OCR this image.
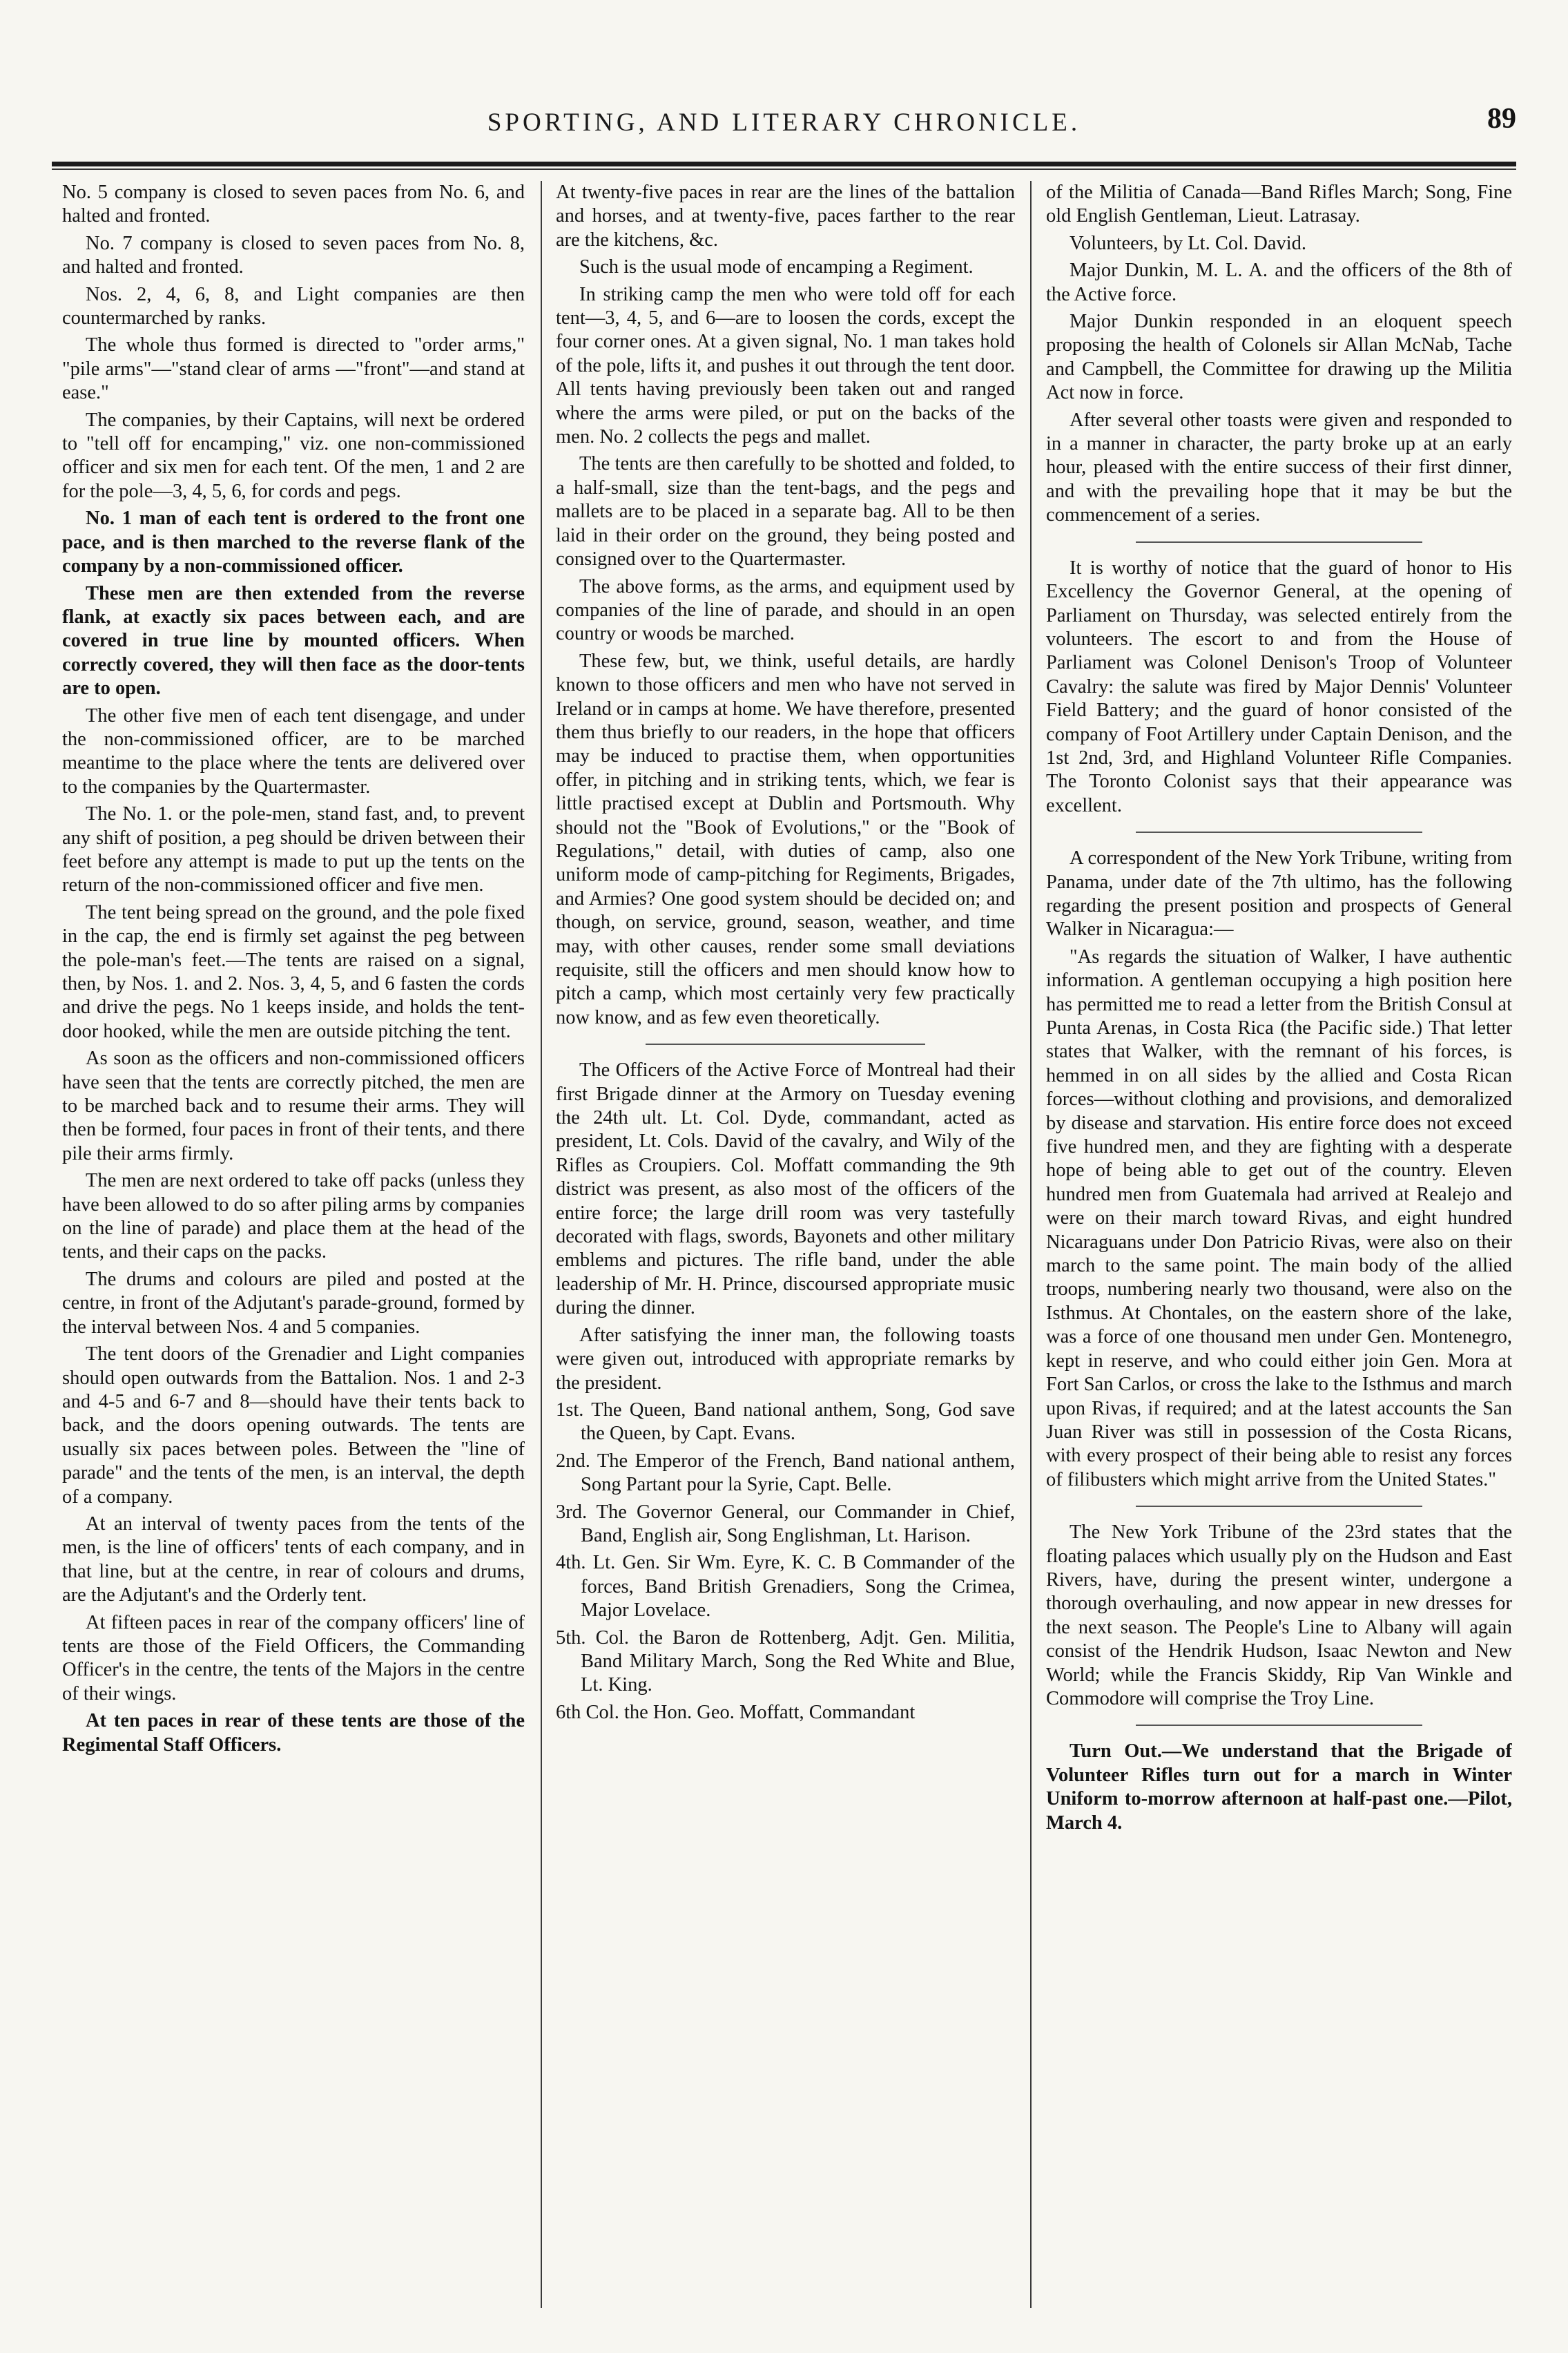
SPORTING, AND LITERARY CHRONICLE.	89

No. 5 company is closed to seven paces from No. 6, and halted and fronted.

No. 7 company is closed to seven paces from No. 8, and halted and fronted.

Nos. 2, 4, 6, 8, and Light companies are then countermarched by ranks.

The whole thus formed is directed to "order arms," "pile arms"—"stand clear of arms —"front"—and stand at ease."

The companies, by their Captains, will next be ordered to "tell off for encamping," viz. one non-commissioned officer and six men for each tent. Of the men, 1 and 2 are for the pole—3, 4, 5, 6, for cords and pegs.

No. 1 man of each tent is ordered to the front one pace, and is then marched to the reverse flank of the company by a non-commissioned officer.

These men are then extended from the reverse flank, at exactly six paces between each, and are covered in true line by mounted officers. When correctly covered, they will then face as the door-tents are to open.

The other five men of each tent disengage, and under the non-commissioned officer, are to be marched meantime to the place where the tents are delivered over to the companies by the Quartermaster.

The No. 1. or the pole-men, stand fast, and, to prevent any shift of position, a peg should be driven between their feet before any attempt is made to put up the tents on the return of the non-commissioned officer and five men.

The tent being spread on the ground, and the pole fixed in the cap, the end is firmly set against the peg between the pole-man's feet.—The tents are raised on a signal, then, by Nos. 1. and 2. Nos. 3, 4, 5, and 6 fasten the cords and drive the pegs. No 1 keeps inside, and holds the tent-door hooked, while the men are outside pitching the tent.

As soon as the officers and non-commissioned officers have seen that the tents are correctly pitched, the men are to be marched back and to resume their arms. They will then be formed, four paces in front of their tents, and there pile their arms firmly.

The men are next ordered to take off packs (unless they have been allowed to do so after piling arms by companies on the line of parade) and place them at the head of the tents, and their caps on the packs.

The drums and colours are piled and posted at the centre, in front of the Adjutant's parade-ground, formed by the interval between Nos. 4 and 5 companies.

The tent doors of the Grenadier and Light companies should open outwards from the Battalion. Nos. 1 and 2-3 and 4-5 and 6-7 and 8—should have their tents back to back, and the doors opening outwards. The tents are usually six paces between poles. Between the "line of parade" and the tents of the men, is an interval, the depth of a company.

At an interval of twenty paces from the tents of the men, is the line of officers' tents of each company, and in that line, but at the centre, in rear of colours and drums, are the Adjutant's and the Orderly tent.

At fifteen paces in rear of the company officers' line of tents are those of the Field Officers, the Commanding Officer's in the centre, the tents of the Majors in the centre of their wings.

At ten paces in rear of these tents are those of the Regimental Staff Officers.

At twenty-five paces in rear are the lines of the battalion and horses, and at twenty-five, paces farther to the rear are the kitchens, &c.

Such is the usual mode of encamping a Regiment.

In striking camp the men who were told off for each tent—3, 4, 5, and 6—are to loosen the cords, except the four corner ones. At a given signal, No. 1 man takes hold of the pole, lifts it, and pushes it out through the tent door. All tents having previously been taken out and ranged where the arms were piled, or put on the backs of the men. No. 2 collects the pegs and mallet.

The tents are then carefully to be shotted and folded, to a half-small, size than the tent-bags, and the pegs and mallets are to be placed in a separate bag. All to be then laid in their order on the ground, they being posted and consigned over to the Quartermaster.

The above forms, as the arms, and equipment used by companies of the line of parade, and should in an open country or woods be marched.

These few, but, we think, useful details, are hardly known to those officers and men who have not served in Ireland or in camps at home. We have therefore, presented them thus briefly to our readers, in the hope that officers may be induced to practise them, when opportunities offer, in pitching and in striking tents, which, we fear is little practised except at Dublin and Portsmouth. Why should not the "Book of Evolutions," or the "Book of Regulations," detail, with duties of camp, also one uniform mode of camp-pitching for Regiments, Brigades, and Armies? One good system should be decided on; and though, on service, ground, season, weather, and time may, with other causes, render some small deviations requisite, still the officers and men should know how to pitch a camp, which most certainly very few practically now know, and as few even theoretically.

The Officers of the Active Force of Montreal had their first Brigade dinner at the Armory on Tuesday evening the 24th ult. Lt. Col. Dyde, commandant, acted as president, Lt. Cols. David of the cavalry, and Wily of the Rifles as Croupiers. Col. Moffatt commanding the 9th district was present, as also most of the officers of the entire force; the large drill room was very tastefully decorated with flags, swords, Bayonets and other military emblems and pictures. The rifle band, under the able leadership of Mr. H. Prince, discoursed appropriate music during the dinner.

After satisfying the inner man, the following toasts were given out, introduced with appropriate remarks by the president.

1st. The Queen, Band national anthem, Song, God save the Queen, by Capt. Evans.

2nd. The Emperor of the French, Band national anthem, Song Partant pour la Syrie, Capt. Belle.

3rd. The Governor General, our Commander in Chief, Band, English air, Song Englishman, Lt. Harison.

4th. Lt. Gen. Sir Wm. Eyre, K. C. B Commander of the forces, Band British Grenadiers, Song the Crimea, Major Lovelace.

5th. Col. the Baron de Rottenberg, Adjt. Gen. Militia, Band Military March, Song the Red White and Blue, Lt. King.

6th Col. the Hon. Geo. Moffatt, Commandant

of the Militia of Canada—Band Rifles March; Song, Fine old English Gentleman, Lieut. Latrasay.

Volunteers, by Lt. Col. David.

Major Dunkin, M. L. A. and the officers of the 8th of the Active force.

Major Dunkin responded in an eloquent speech proposing the health of Colonels sir Allan McNab, Tache and Campbell, the Committee for drawing up the Militia Act now in force.

After several other toasts were given and responded to in a manner in character, the party broke up at an early hour, pleased with the entire success of their first dinner, and with the prevailing hope that it may be but the commencement of a series.

It is worthy of notice that the guard of honor to His Excellency the Governor General, at the opening of Parliament on Thursday, was selected entirely from the volunteers. The escort to and from the House of Parliament was Colonel Denison's Troop of Volunteer Cavalry: the salute was fired by Major Dennis' Volunteer Field Battery; and the guard of honor consisted of the company of Foot Artillery under Captain Denison, and the 1st 2nd, 3rd, and Highland Volunteer Rifle Companies. The Toronto Colonist says that their appearance was excellent.

A correspondent of the New York Tribune, writing from Panama, under date of the 7th ultimo, has the following regarding the present position and prospects of General Walker in Nicaragua:—

"As regards the situation of Walker, I have authentic information. A gentleman occupying a high position here has permitted me to read a letter from the British Consul at Punta Arenas, in Costa Rica (the Pacific side.) That letter states that Walker, with the remnant of his forces, is hemmed in on all sides by the allied and Costa Rican forces—without clothing and provisions, and demoralized by disease and starvation. His entire force does not exceed five hundred men, and they are fighting with a desperate hope of being able to get out of the country. Eleven hundred men from Guatemala had arrived at Realejo and were on their march toward Rivas, and eight hundred Nicaraguans under Don Patricio Rivas, were also on their march to the same point. The main body of the allied troops, numbering nearly two thousand, were also on the Isthmus. At Chontales, on the eastern shore of the lake, was a force of one thousand men under Gen. Montenegro, kept in reserve, and who could either join Gen. Mora at Fort San Carlos, or cross the lake to the Isthmus and march upon Rivas, if required; and at the latest accounts the San Juan River was still in possession of the Costa Ricans, with every prospect of their being able to resist any forces of filibusters which might arrive from the United States."

The New York Tribune of the 23rd states that the floating palaces which usually ply on the Hudson and East Rivers, have, during the present winter, undergone a thorough overhauling, and now appear in new dresses for the next season. The People's Line to Albany will again consist of the Hendrik Hudson, Isaac Newton and New World; while the Francis Skiddy, Rip Van Winkle and Commodore will comprise the Troy Line.

Turn Out.—We understand that the Brigade of Volunteer Rifles turn out for a march in Winter Uniform to-morrow afternoon at half-past one.—Pilot, March 4.
